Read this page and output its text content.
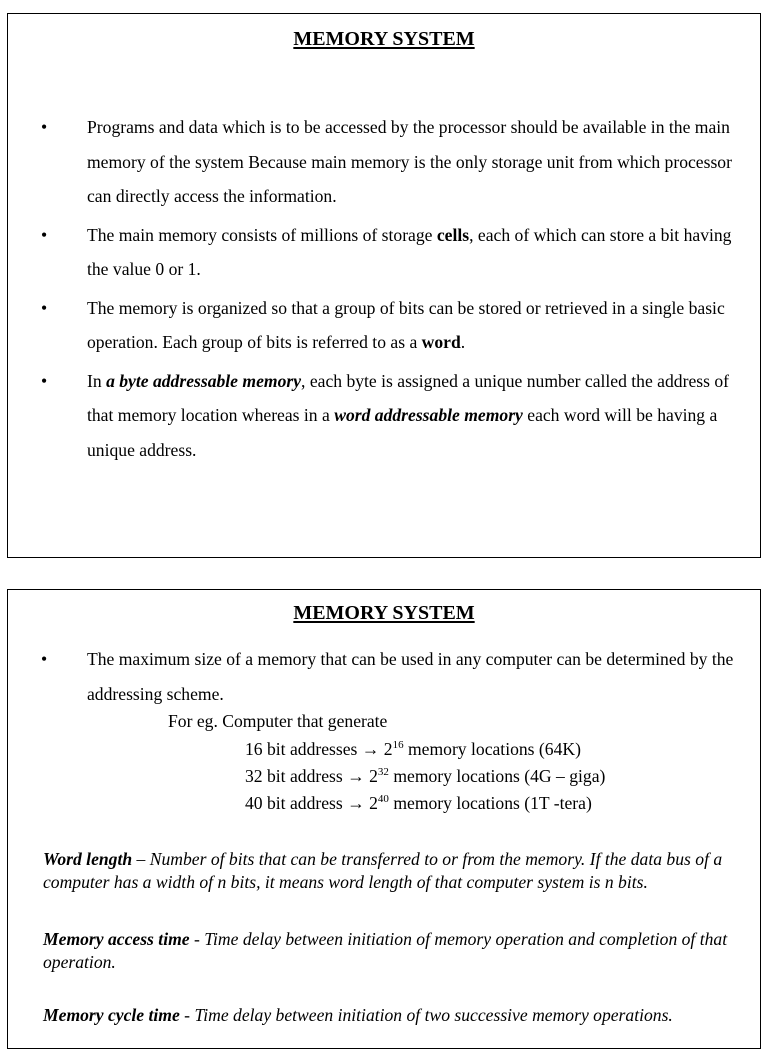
MEMORY SYSTEM
• Programs and data which is to be accessed by the processor should be available in the main memory of the system Because main memory is the only storage unit from which processor can directly access the information.
• The main memory consists of millions of storage cells, each of which can store a bit having the value 0 or 1.
• The memory is organized so that a group of bits can be stored or retrieved in a single basic operation. Each group of bits is referred to as a word.
• In a byte addressable memory, each byte is assigned a unique number called the address of that memory location whereas in a word addressable memory each word will be having a unique address.
MEMORY SYSTEM
• The maximum size of a memory that can be used in any computer can be determined by the addressing scheme.
For eg. Computer that generate
16 bit addresses → $2^{16}$ memory locations (64K)
32 bit address → $2^{32}$ memory locations (4G – giga)
40 bit address → $2^{40}$ memory locations (1T -tera)
Word length – Number of bits that can be transferred to or from the memory. If the data bus of a computer has a width of n bits, it means word length of that computer system is n bits.
Memory access time - Time delay between initiation of memory operation and completion of that operation.
Memory cycle time - Time delay between initiation of two successive memory operations.
